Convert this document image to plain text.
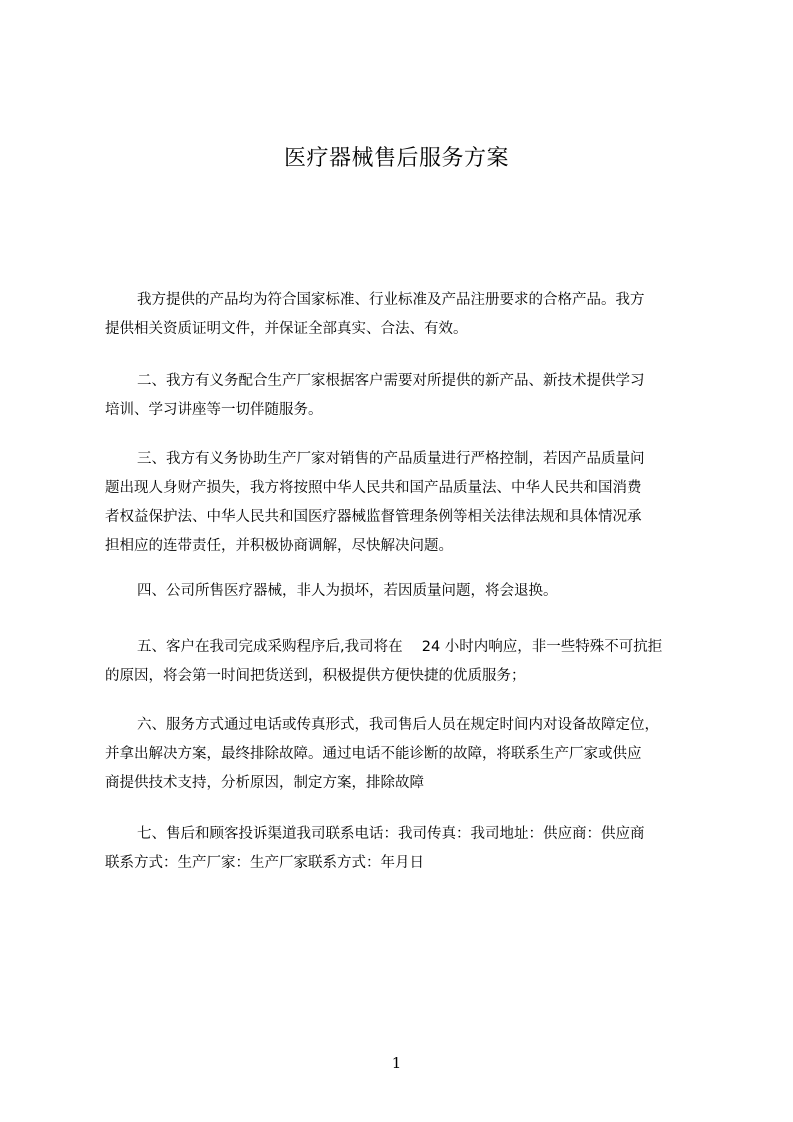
医疗器械售后服务方案
我方提供的产品均为符合国家标准、行业标准及产品注册要求的合格产品。我方
提供相关资质证明文件，并保证全部真实、合法、有效。
二、我方有义务配合生产厂家根据客户需要对所提供的新产品、新技术提供学习
培训、学习讲座等一切伴随服务。
三、我方有义务协助生产厂家对销售的产品质量进行严格控制，若因产品质量问
题出现人身财产损失，我方将按照中华人民共和国产品质量法、中华人民共和国消费
者权益保护法、中华人民共和国医疗器械监督管理条例等相关法律法规和具体情况承
担相应的连带责任，并积极协商调解，尽快解决问题。
四、公司所售医疗器械，非人为损坏，若因质量问题，将会退换。
五、客户在我司完成采购程序后,我司将在　 24 小时内响应，非一些特殊不可抗拒
的原因，将会第一时间把货送到，积极提供方便快捷的优质服务；
六、服务方式通过电话或传真形式，我司售后人员在规定时间内对设备故障定位，
并拿出解决方案，最终排除故障。通过电话不能诊断的故障，将联系生产厂家或供应
商提供技术支持，分析原因，制定方案，排除故障
七、售后和顾客投诉渠道我司联系电话：我司传真：我司地址：供应商：供应商
联系方式：生产厂家：生产厂家联系方式：年月日
1
